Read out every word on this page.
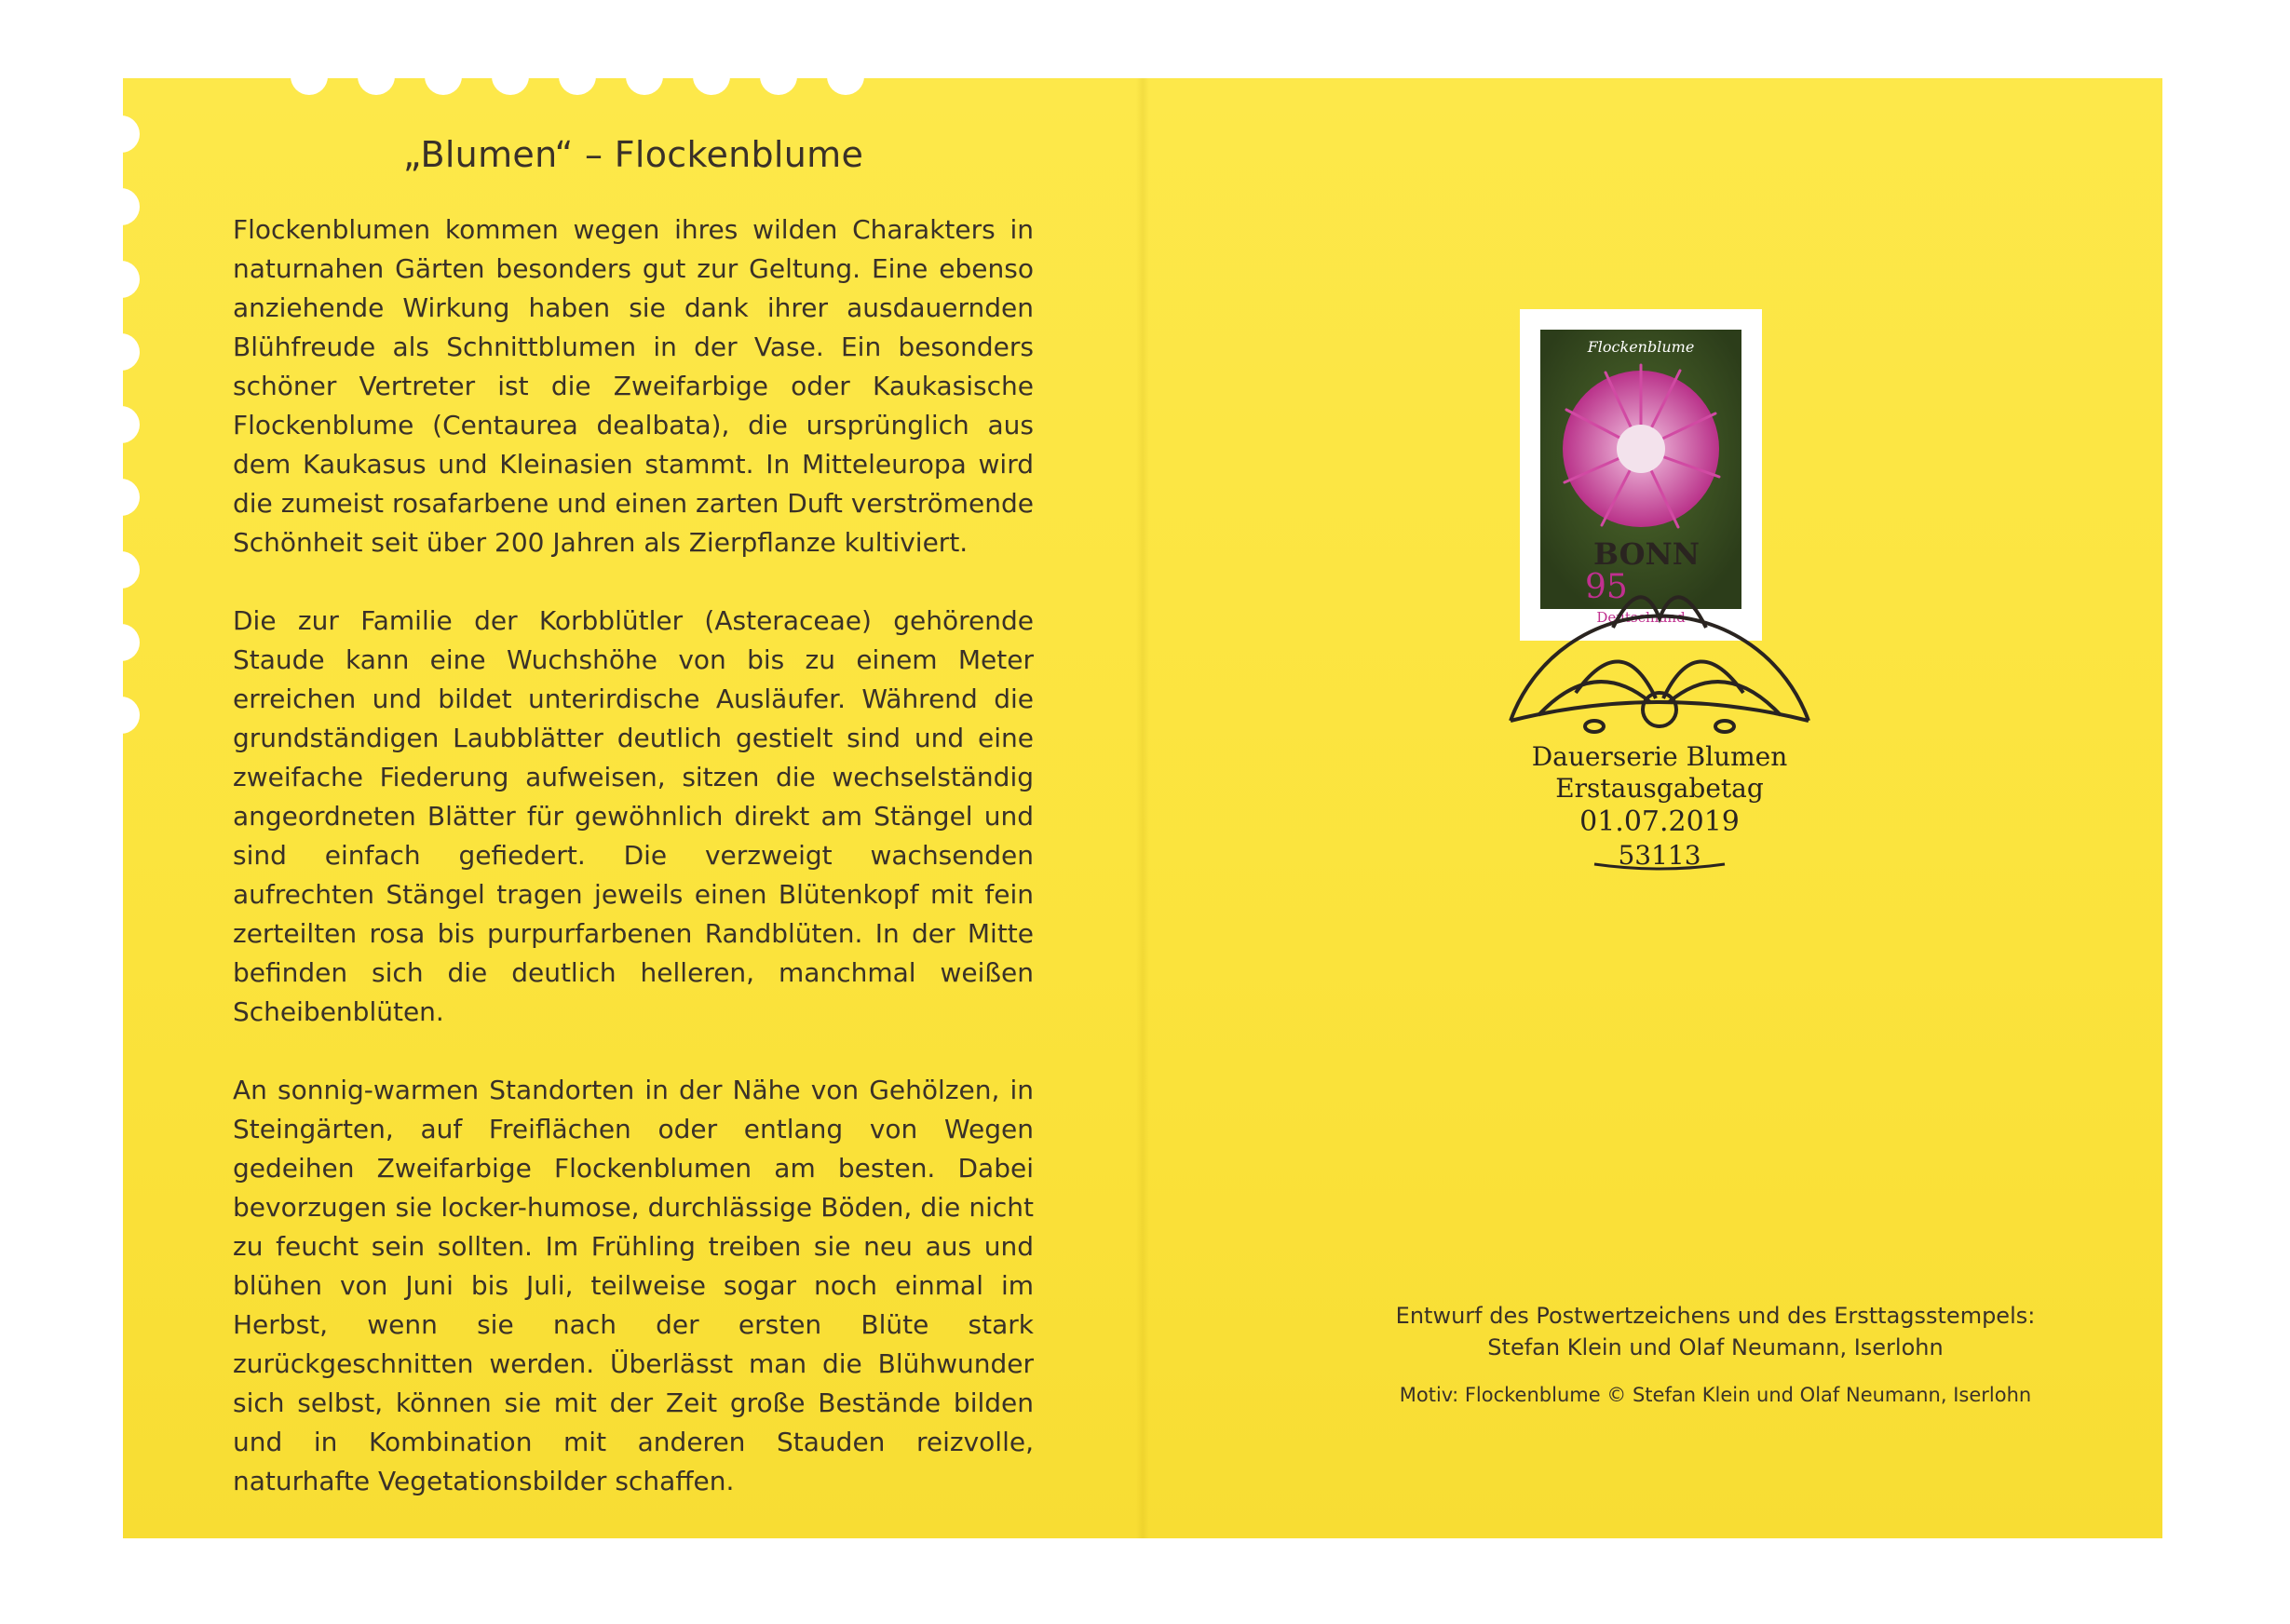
„Blumen“ – Flockenblume

Flockenblumen kommen wegen ihres wilden Charakters in naturnahen Gärten besonders gut zur Geltung. Eine ebenso anziehende Wirkung haben sie dank ihrer ausdauernden Blühfreude als Schnittblumen in der Vase. Ein besonders schöner Vertreter ist die Zweifarbige oder Kaukasische Flockenblume (Centaurea dealbata), die ursprünglich aus dem Kaukasus und Kleinasien stammt. In Mitteleuropa wird die zumeist rosafarbene und einen zarten Duft verströmende Schönheit seit über 200 Jahren als Zierpflanze kultiviert.

Die zur Familie der Korbblütler (Asteraceae) gehörende Staude kann eine Wuchshöhe von bis zu einem Meter erreichen und bildet unterirdische Ausläufer. Während die grundständigen Laubblätter deutlich gestielt sind und eine zweifache Fiederung aufweisen, sitzen die wechselständig angeordneten Blätter für gewöhnlich direkt am Stängel und sind einfach gefiedert. Die verzweigt wachsenden aufrechten Stängel tragen jeweils einen Blütenkopf mit fein zerteilten rosa bis purpurfarbenen Randblüten. In der Mitte befinden sich die deutlich helleren, manchmal weißen Scheibenblüten.

An sonnig-warmen Standorten in der Nähe von Gehölzen, in Steingärten, auf Freiflächen oder entlang von Wegen gedeihen Zweifarbige Flockenblumen am besten. Dabei bevorzugen sie locker-humose, durchlässige Böden, die nicht zu feucht sein sollten. Im Frühling treiben sie neu aus und blühen von Juni bis Juli, teilweise sogar noch einmal im Herbst, wenn sie nach der ersten Blüte stark zurückgeschnitten werden. Überlässt man die Blühwunder sich selbst, können sie mit der Zeit große Bestände bilden und in Kombination mit anderen Stauden reizvolle, naturhafte Vegetationsbilder schaffen.

Flockenblume
95
Deutschland
BONN
Dauerserie Blumen
Erstausgabetag
01.07.2019
53113
Entwurf des Postwertzeichens und des Ersttagsstempels:
Stefan Klein und Olaf Neumann, Iserlohn
Motiv: Flockenblume © Stefan Klein und Olaf Neumann, Iserlohn
